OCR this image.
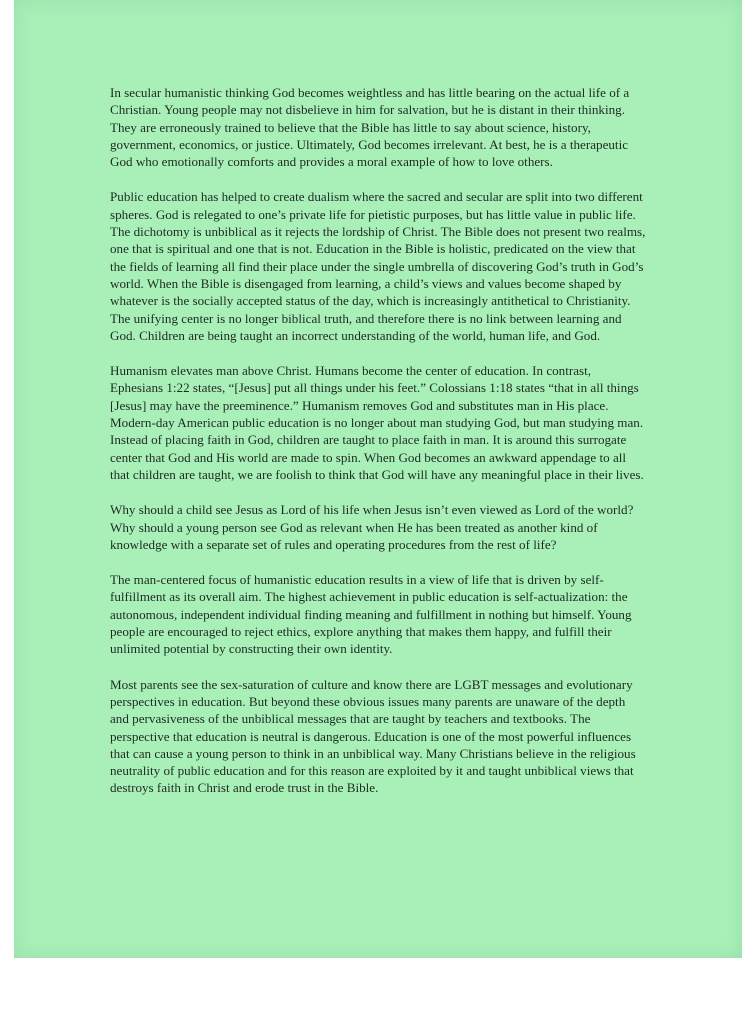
In secular humanistic thinking God becomes weightless and has little bearing on the actual life of a Christian. Young people may not disbelieve in him for salvation, but he is distant in their thinking. They are erroneously trained to believe that the Bible has little to say about science, history, government, economics, or justice. Ultimately, God becomes irrelevant. At best, he is a therapeutic God who emotionally comforts and provides a moral example of how to love others.

Public education has helped to create dualism where the sacred and secular are split into two different spheres. God is relegated to one’s private life for pietistic purposes, but has little value in public life. The dichotomy is unbiblical as it rejects the lordship of Christ. The Bible does not present two realms, one that is spiritual and one that is not. Education in the Bible is holistic, predicated on the view that the fields of learning all find their place under the single umbrella of discovering God’s truth in God’s world. When the Bible is disengaged from learning, a child’s views and values become shaped by whatever is the socially accepted status of the day, which is increasingly antithetical to Christianity. The unifying center is no longer biblical truth, and therefore there is no link between learning and God. Children are being taught an incorrect understanding of the world, human life, and God.

Humanism elevates man above Christ. Humans become the center of education. In contrast, Ephesians 1:22 states, “[Jesus] put all things under his feet.” Colossians 1:18 states “that in all things [Jesus] may have the preeminence.” Humanism removes God and substitutes man in His place. Modern-day American public education is no longer about man studying God, but man studying man. Instead of placing faith in God, children are taught to place faith in man. It is around this surrogate center that God and His world are made to spin. When God becomes an awkward appendage to all that children are taught, we are foolish to think that God will have any meaningful place in their lives.

Why should a child see Jesus as Lord of his life when Jesus isn’t even viewed as Lord of the world? Why should a young person see God as relevant when He has been treated as another kind of knowledge with a separate set of rules and operating procedures from the rest of life?

The man-centered focus of humanistic education results in a view of life that is driven by self-fulfillment as its overall aim. The highest achievement in public education is self-actualization: the autonomous, independent individual finding meaning and fulfillment in nothing but himself. Young people are encouraged to reject ethics, explore anything that makes them happy, and fulfill their unlimited potential by constructing their own identity.

Most parents see the sex-saturation of culture and know there are LGBT messages and evolutionary perspectives in education. But beyond these obvious issues many parents are unaware of the depth and pervasiveness of the unbiblical messages that are taught by teachers and textbooks. The perspective that education is neutral is dangerous. Education is one of the most powerful influences that can cause a young person to think in an unbiblical way. Many Christians believe in the religious neutrality of public education and for this reason are exploited by it and taught unbiblical views that destroys faith in Christ and erode trust in the Bible.
